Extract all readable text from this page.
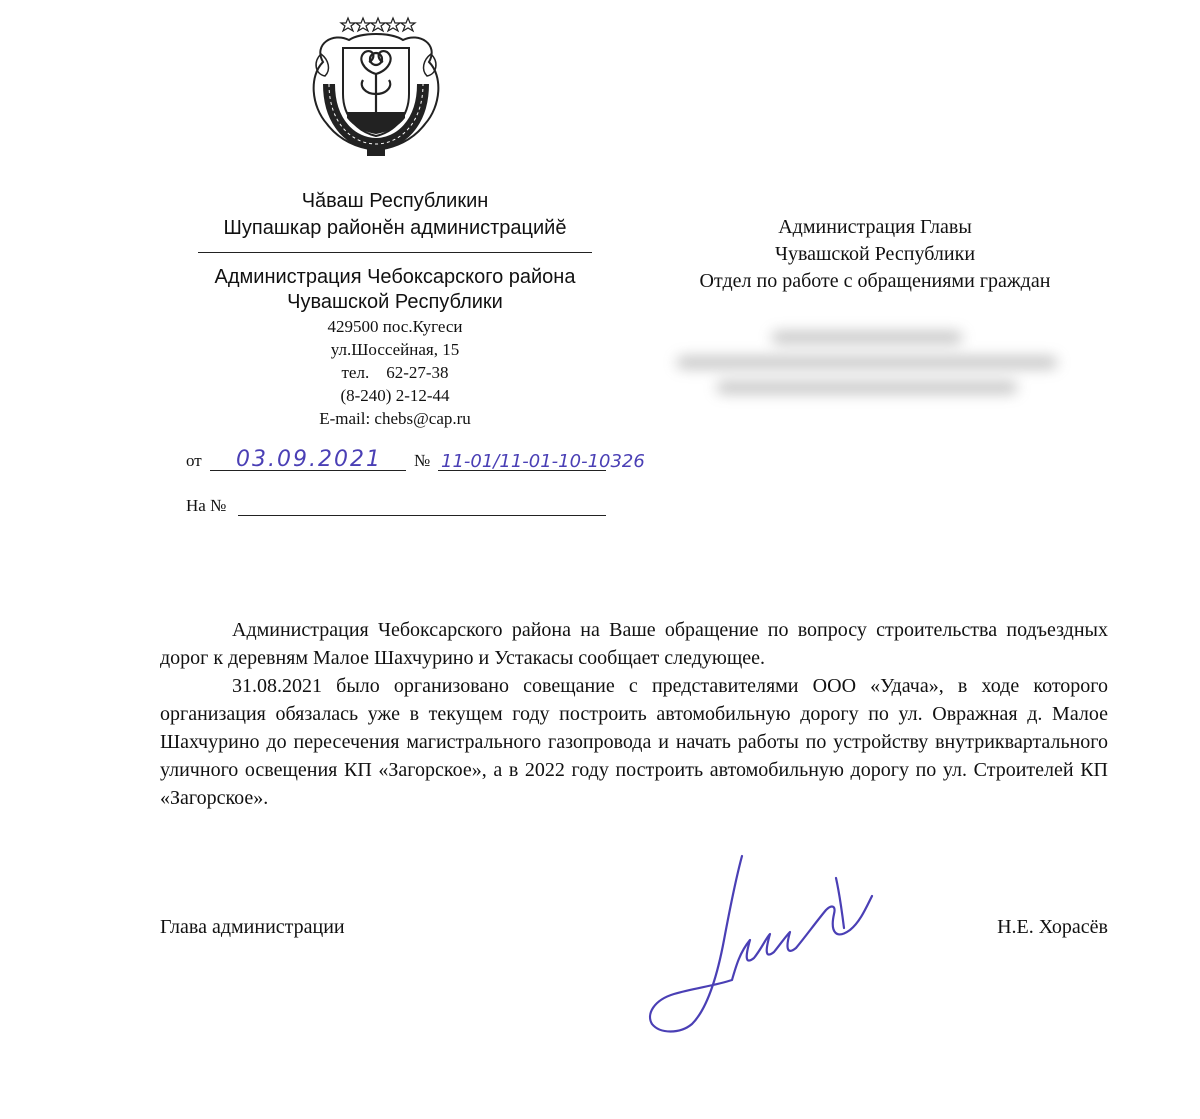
Чăваш Республикин
Шупашкар районĕн администрацийĕ
Администрация Чебоксарского района
Чувашской Республики
429500 пос.Кугеси
ул.Шоссейная, 15
тел.    62-27-38
(8-240) 2-12-44
E-mail: chebs@cap.ru
от 03.09.2021 № 11-01/11-01-10-10326
На №
Администрация Главы
Чувашской Республики
Отдел по работе с обращениями граждан

Администрация Чебоксарского района на Ваше обращение по вопросу строительства подъездных дорог к деревням Малое Шахчурино и Устакасы сообщает следующее.

31.08.2021 было организовано совещание с представителями ООО «Удача», в ходе которого организация обязалась уже в текущем году построить автомобильную дорогу по ул. Овражная д. Малое Шахчурино до пересечения магистрального газопровода и начать работы по устройству внутриквартального уличного освещения КП «Загорское», а в 2022 году построить автомобильную дорогу по ул. Строителей КП «Загорское».

Глава администрации	Н.Е. Хорасёв
